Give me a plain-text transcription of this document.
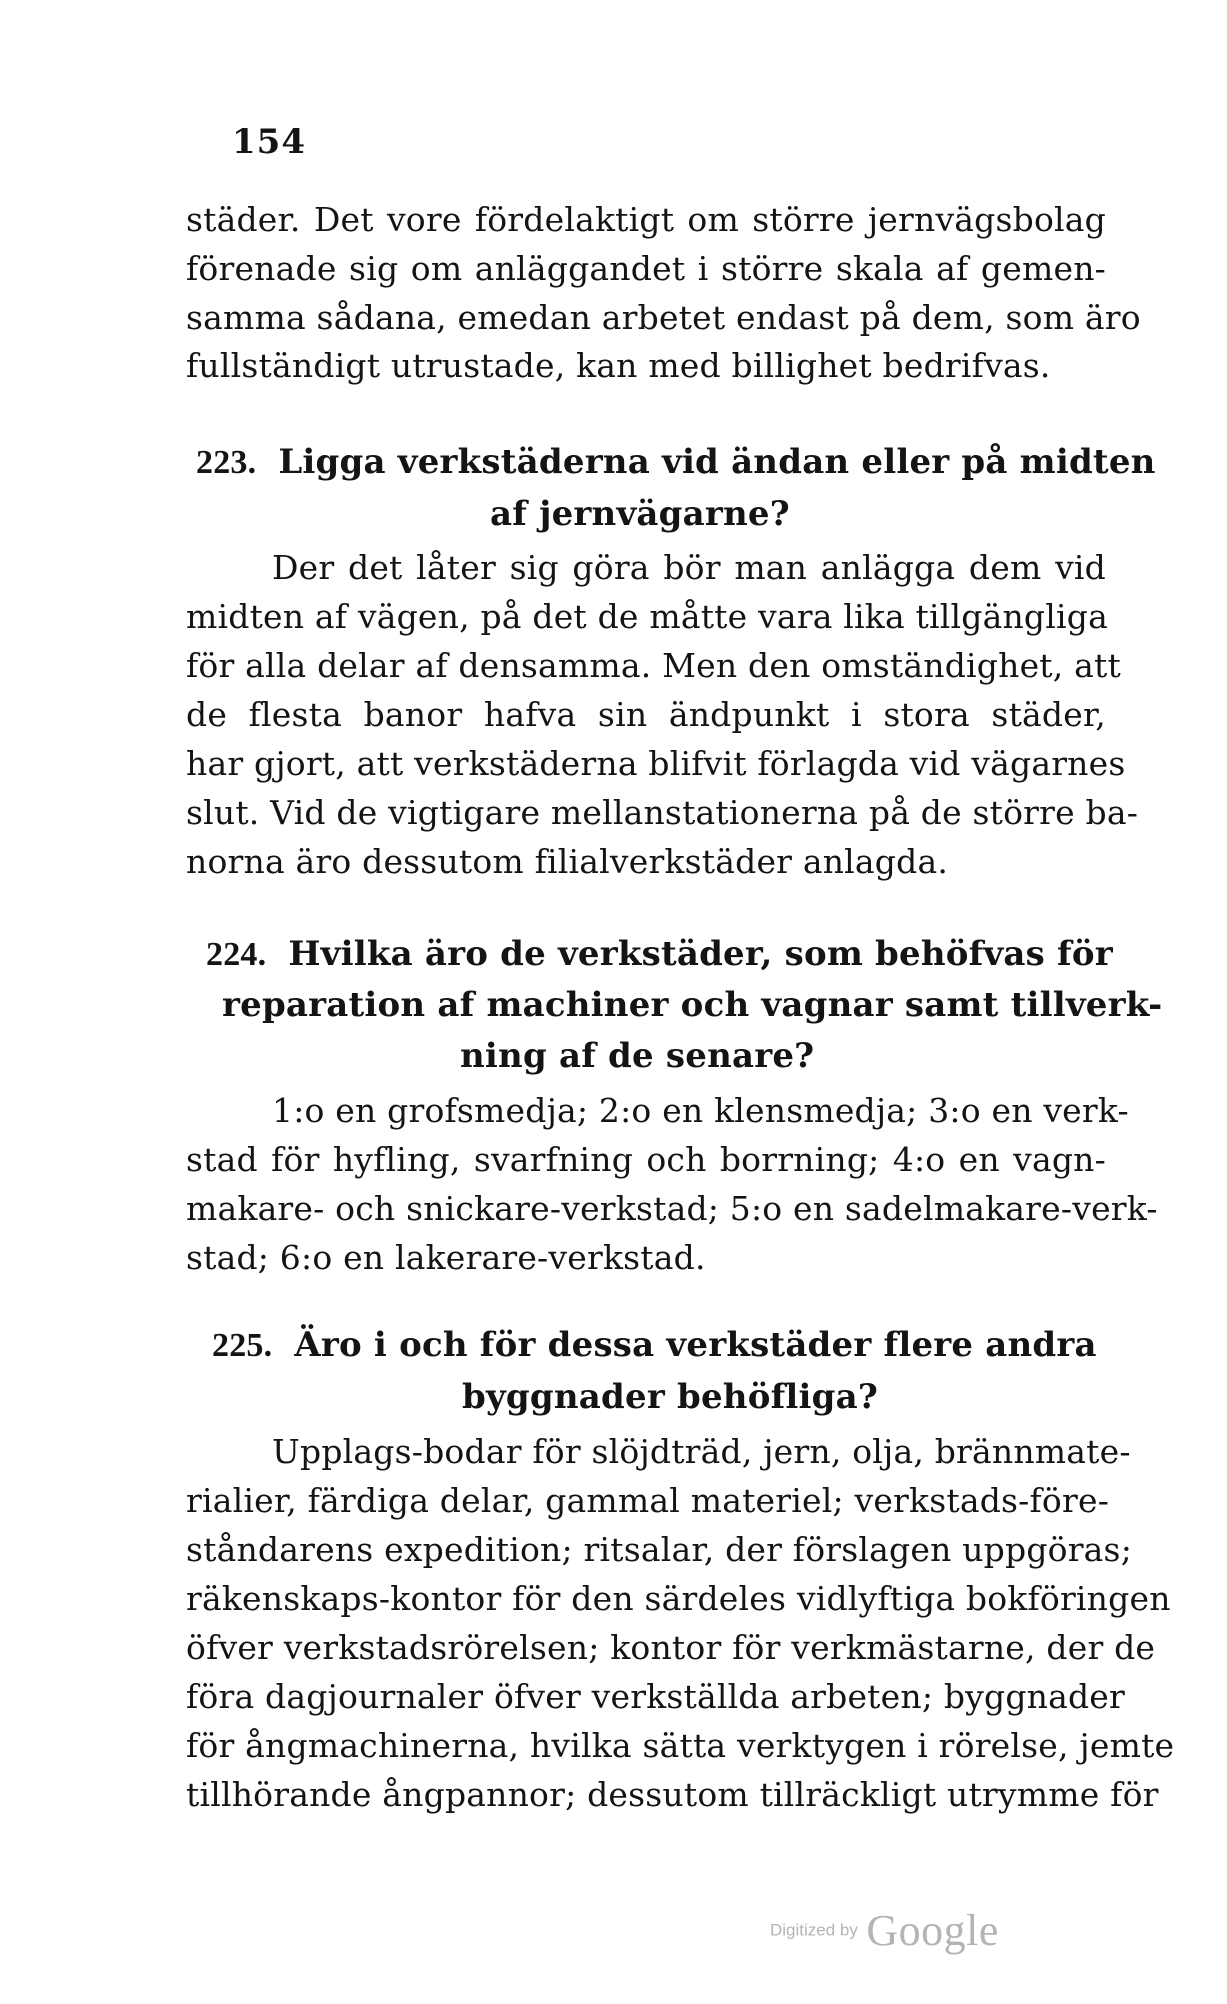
154
städer. Det vore fördelaktigt om större jernvägsbolag
förenade sig om anläggandet i större skala af gemen-
samma sådana, emedan arbetet endast på dem, som äro
fullständigt utrustade, kan med billighet bedrifvas.
223. Ligga verkstäderna vid ändan eller på midten
af jernvägarne?
Der det låter sig göra bör man anlägga dem vid
midten af vägen, på det de måtte vara lika tillgängliga
för alla delar af densamma. Men den omständighet, att
de flesta banor hafva sin ändpunkt i stora städer,
har gjort, att verkstäderna blifvit förlagda vid vägarnes
slut. Vid de vigtigare mellanstationerna på de större ba-
norna äro dessutom filialverkstäder anlagda.
224. Hvilka äro de verkstäder, som behöfvas för
reparation af machiner och vagnar samt tillverk-
ning af de senare?
1:o en grofsmedja; 2:o en klensmedja; 3:o en verk-
stad för hyfling, svarfning och borrning; 4:o en vagn-
makare- och snickare-verkstad; 5:o en sadelmakare-verk-
stad; 6:o en lakerare-verkstad.
225. Äro i och för dessa verkstäder flere andra
byggnader behöfliga?
Upplags-bodar för slöjdträd, jern, olja, brännmate-
rialier, färdiga delar, gammal materiel; verkstads-före-
ståndarens expedition; ritsalar, der förslagen uppgöras;
räkenskaps-kontor för den särdeles vidlyftiga bokföringen
öfver verkstadsrörelsen; kontor för verkmästarne, der de
föra dagjournaler öfver verkställda arbeten; byggnader
för ångmachinerna, hvilka sätta verktygen i rörelse, jemte
tillhörande ångpannor; dessutom tillräckligt utrymme för
Digitized by Google
